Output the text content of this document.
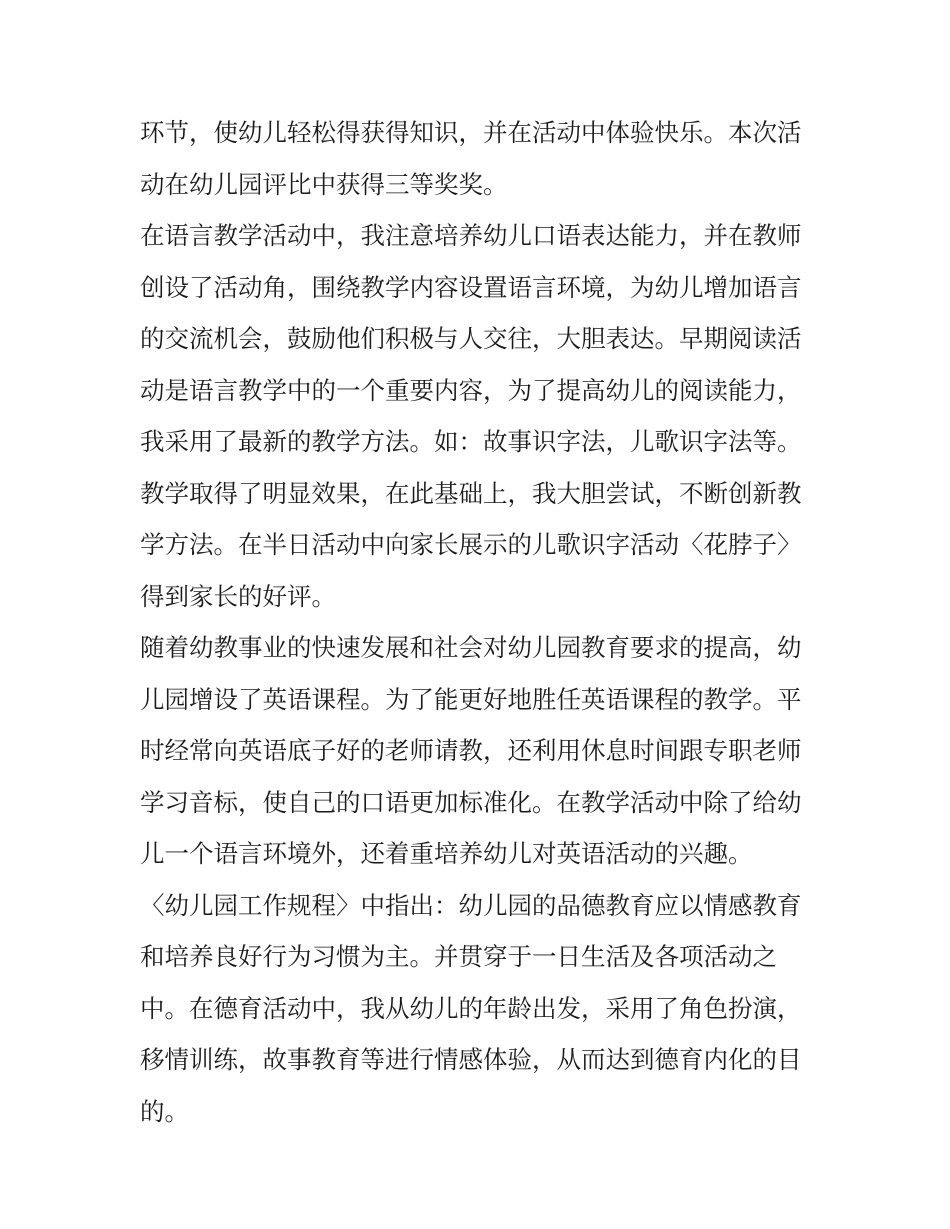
环节，使幼儿轻松得获得知识，并在活动中体验快乐。本次活
动在幼儿园评比中获得三等奖奖。
在语言教学活动中，我注意培养幼儿口语表达能力，并在教师
创设了活动角，围绕教学内容设置语言环境，为幼儿增加语言
的交流机会，鼓励他们积极与人交往，大胆表达。早期阅读活
动是语言教学中的一个重要内容，为了提高幼儿的阅读能力，
我采用了最新的教学方法。如：故事识字法，儿歌识字法等。
教学取得了明显效果，在此基础上，我大胆尝试，不断创新教
学方法。在半日活动中向家长展示的儿歌识字活动〈花脖子〉
得到家长的好评。
随着幼教事业的快速发展和社会对幼儿园教育要求的提高，幼
儿园增设了英语课程。为了能更好地胜任英语课程的教学。平
时经常向英语底子好的老师请教，还利用休息时间跟专职老师
学习音标，使自己的口语更加标准化。在教学活动中除了给幼
儿一个语言环境外，还着重培养幼儿对英语活动的兴趣。
〈幼儿园工作规程〉中指出：幼儿园的品德教育应以情感教育
和培养良好行为习惯为主。并贯穿于一日生活及各项活动之
中。在德育活动中，我从幼儿的年龄出发，采用了角色扮演，
移情训练，故事教育等进行情感体验，从而达到德育内化的目
的。
